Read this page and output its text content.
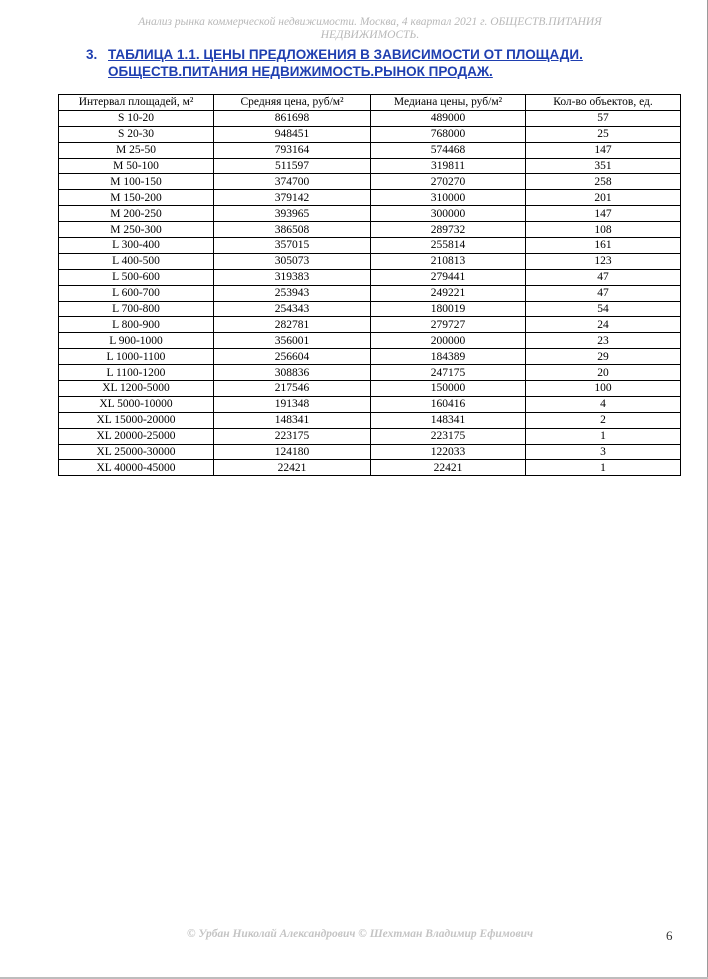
Анализ рынка коммерческой недвижимости. Москва, 4 квартал 2021 г. ОБЩЕСТВ.ПИТАНИЯ
НЕДВИЖИМОСТЬ.
3. ТАБЛИЦА 1.1. ЦЕНЫ ПРЕДЛОЖЕНИЯ В ЗАВИСИМОСТИ ОТ ПЛОЩАДИ.
ОБЩЕСТВ.ПИТАНИЯ НЕДВИЖИМОСТЬ.РЫНОК ПРОДАЖ.
Интервал площадей, м²	Средняя цена, руб/м²	Медиана цены, руб/м²	Кол-во объектов, ед.
S 10-20	861698	489000	57
S 20-30	948451	768000	25
M 25-50	793164	574468	147
M 50-100	511597	319811	351
M 100-150	374700	270270	258
M 150-200	379142	310000	201
M 200-250	393965	300000	147
M 250-300	386508	289732	108
L 300-400	357015	255814	161
L 400-500	305073	210813	123
L 500-600	319383	279441	47
L 600-700	253943	249221	47
L 700-800	254343	180019	54
L 800-900	282781	279727	24
L 900-1000	356001	200000	23
L 1000-1100	256604	184389	29
L 1100-1200	308836	247175	20
XL 1200-5000	217546	150000	100
XL 5000-10000	191348	160416	4
XL 15000-20000	148341	148341	2
XL 20000-25000	223175	223175	1
XL 25000-30000	124180	122033	3
XL 40000-45000	22421	22421	1
© Урбан Николай Александрович © Шехтман Владимир Ефимович	6
